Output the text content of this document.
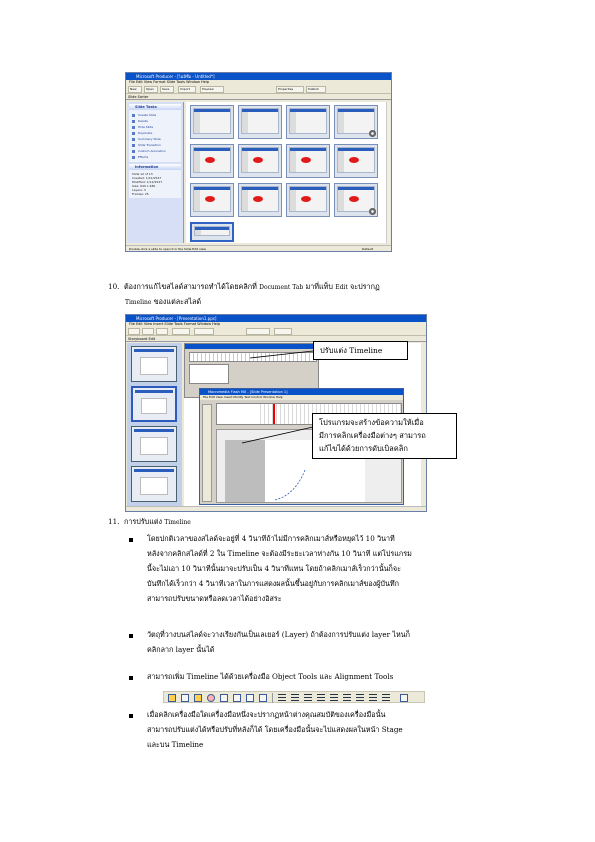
Microsoft Producer - [ไม่มีชื่อ - Untitled*]
File Edit View Format Slide Tools Window Help
New	Open	Save	Import	Preview	Properties	Publish
Slide Sorter
Slide Tasks
Create Slide
Delete
Hide Slide
Duplicate
Summary Slide
Slide Transition
Custom Animation
Effects
Information
Slide 12 of 13
Created: 1/12/2547
Modified: 1/12/2547
Size: 640 x 480
Layers: 3
Frames: 25
Double-click a slide to open it in the Slide Edit view	Default
10. ต้องการแก้ไขสไลด์สามารถทำได้โดยคลิกที่ Document Tab มาที่แท็บ Edit จะปรากฏ
Timeline ของแต่ละสไลด์
Microsoft Producer - [Presentation1.pps]
File Edit View Insert Slide Tools Format Window Help
Storyboard Edit
Macromedia Flash MX - [Slide Presentation 1]
File Edit View Insert Modify Text Control Window Help
ปรับแต่ง Timeline
โปรแกรมจะสร้างข้อความให้เมื่อ
มีการคลิกเครื่องมือต่างๆ สามารถ
แก้ไขได้ด้วยการดับเบิลคลิก
11. การปรับแต่ง Timeline
โดยปกติเวลาของสไลด์จะอยู่ที่ 4 วินาทีถ้าไม่มีการคลิกเมาส์หรือหยุดไว้ 10 วินาที
หลังจากคลิกสไลด์ที่ 2 ใน Timeline จะต้องมีระยะเวลาห่างกัน 10 วินาที แต่โปรแกรม
นี้จะไม่เอา 10 วินาทีนั้นมาจะปรับเป็น 4 วินาทีแทน โดยถ้าคลิกเมาส์เร็วกว่านั้นก็จะ
บันทึกได้เร็วกว่า 4 วินาทีเวลาในการแสดงผลนั้นขึ้นอยู่กับการคลิกเมาส์ของผู้บันทึก
สามารถปรับขนาดหรือลดเวลาได้อย่างอิสระ
วัตถุที่วางบนสไลด์จะวางเรียงกันเป็นเลเยอร์ (Layer) ถ้าต้องการปรับแต่ง layer ไหนก็
คลิกลาก layer นั้นได้
สามารถเพิ่ม Timeline ได้ด้วยเครื่องมือ Object Tools และ Alignment Tools
เมื่อคลิกเครื่องมือใดเครื่องมือหนึ่งจะปรากฏหน้าต่างคุณสมบัติของเครื่องมือนั้น
สามารถปรับแต่งได้หรือปรับที่หลังก็ได้ โดยเครื่องมือนั้นจะไปแสดงผลในหน้า Stage
และบน Timeline
